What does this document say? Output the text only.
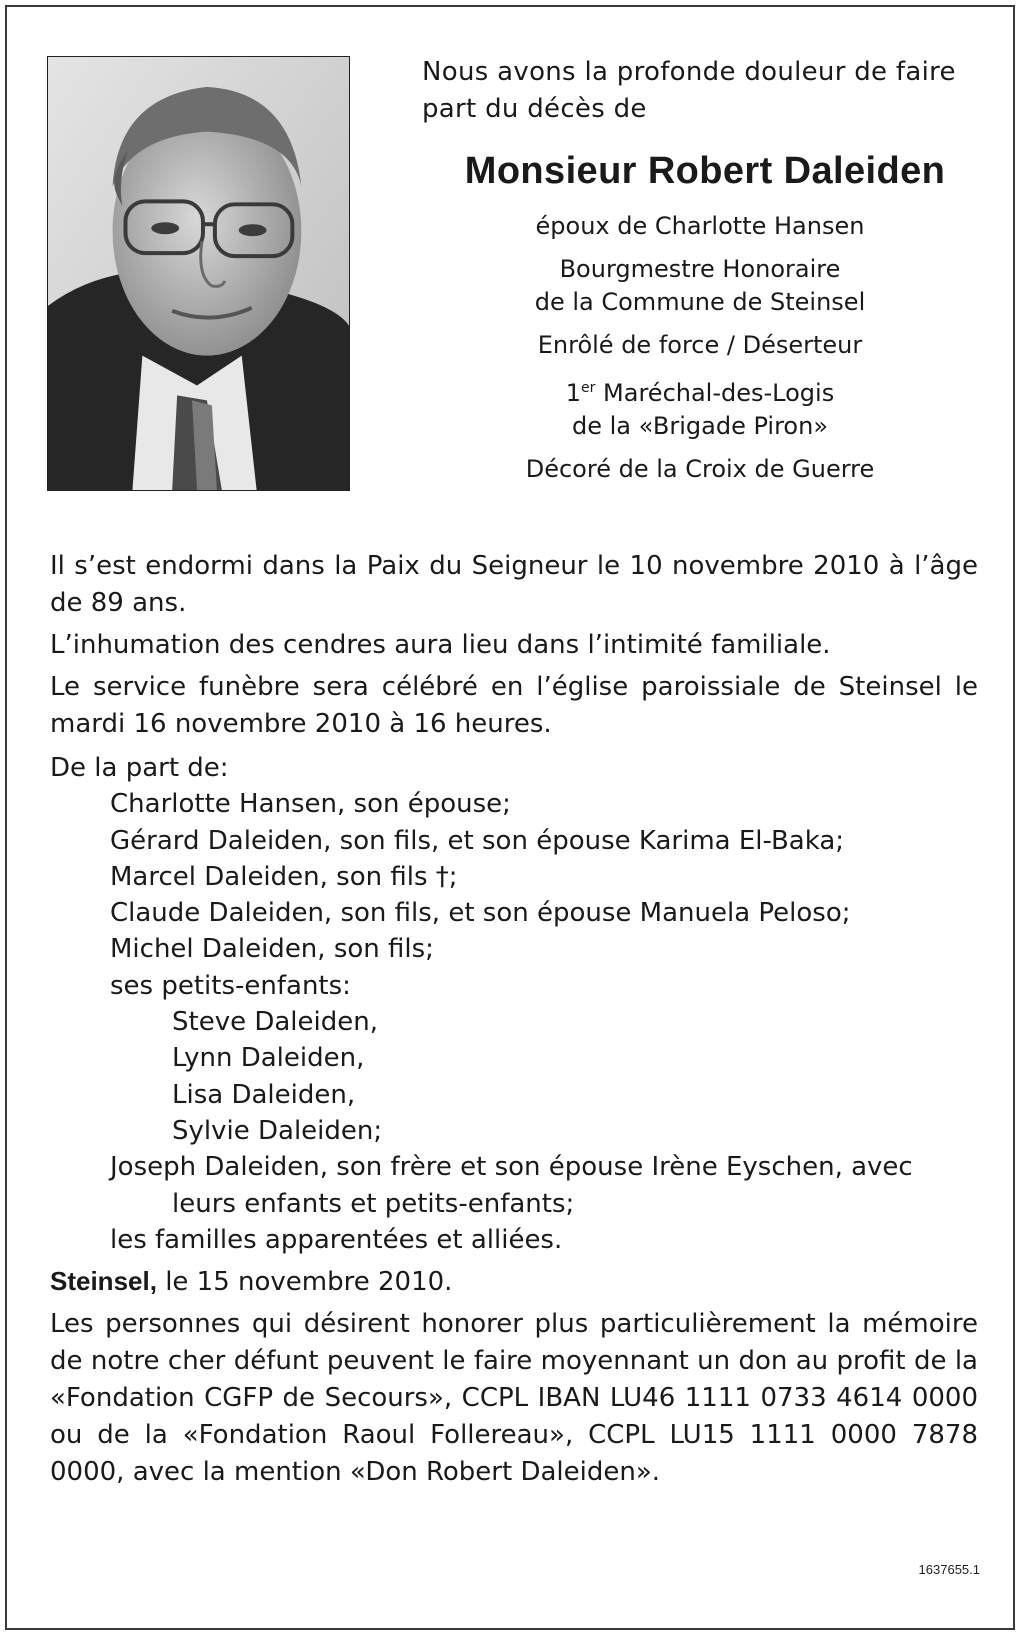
Nous avons la profonde douleur de faire part du décès de
Monsieur Robert Daleiden
époux de Charlotte Hansen
Bourgmestre Honoraire
de la Commune de Steinsel
Enrôlé de force / Déserteur
1er Maréchal-des-Logis
de la «Brigade Piron»
Décoré de la Croix de Guerre

Il s’est endormi dans la Paix du Seigneur le 10 novembre 2010 à l’âge de 89 ans.

L’inhumation des cendres aura lieu dans l’intimité familiale.

Le service funèbre sera célébré en l’église paroissiale de Steinsel le mardi 16 novembre 2010 à 16 heures.

De la part de:
Charlotte Hansen, son épouse;
Gérard Daleiden, son fils, et son épouse Karima El-Baka;
Marcel Daleiden, son fils †;
Claude Daleiden, son fils, et son épouse Manuela Peloso;
Michel Daleiden, son fils;
ses petits-enfants:
Steve Daleiden,
Lynn Daleiden,
Lisa Daleiden,
Sylvie Daleiden;
Joseph Daleiden, son frère et son épouse Irène Eyschen, avec leurs enfants et petits-enfants;
les familles apparentées et alliées.

Steinsel, le 15 novembre 2010.

Les personnes qui désirent honorer plus particulièrement la mémoire de notre cher défunt peuvent le faire moyennant un don au profit de la «Fondation CGFP de Secours», CCPL IBAN LU46 1111 0733 4614 0000 ou de la «Fondation Raoul Follereau», CCPL LU15 1111 0000 7878 0000, avec la mention «Don Robert Daleiden».

1637655.1
